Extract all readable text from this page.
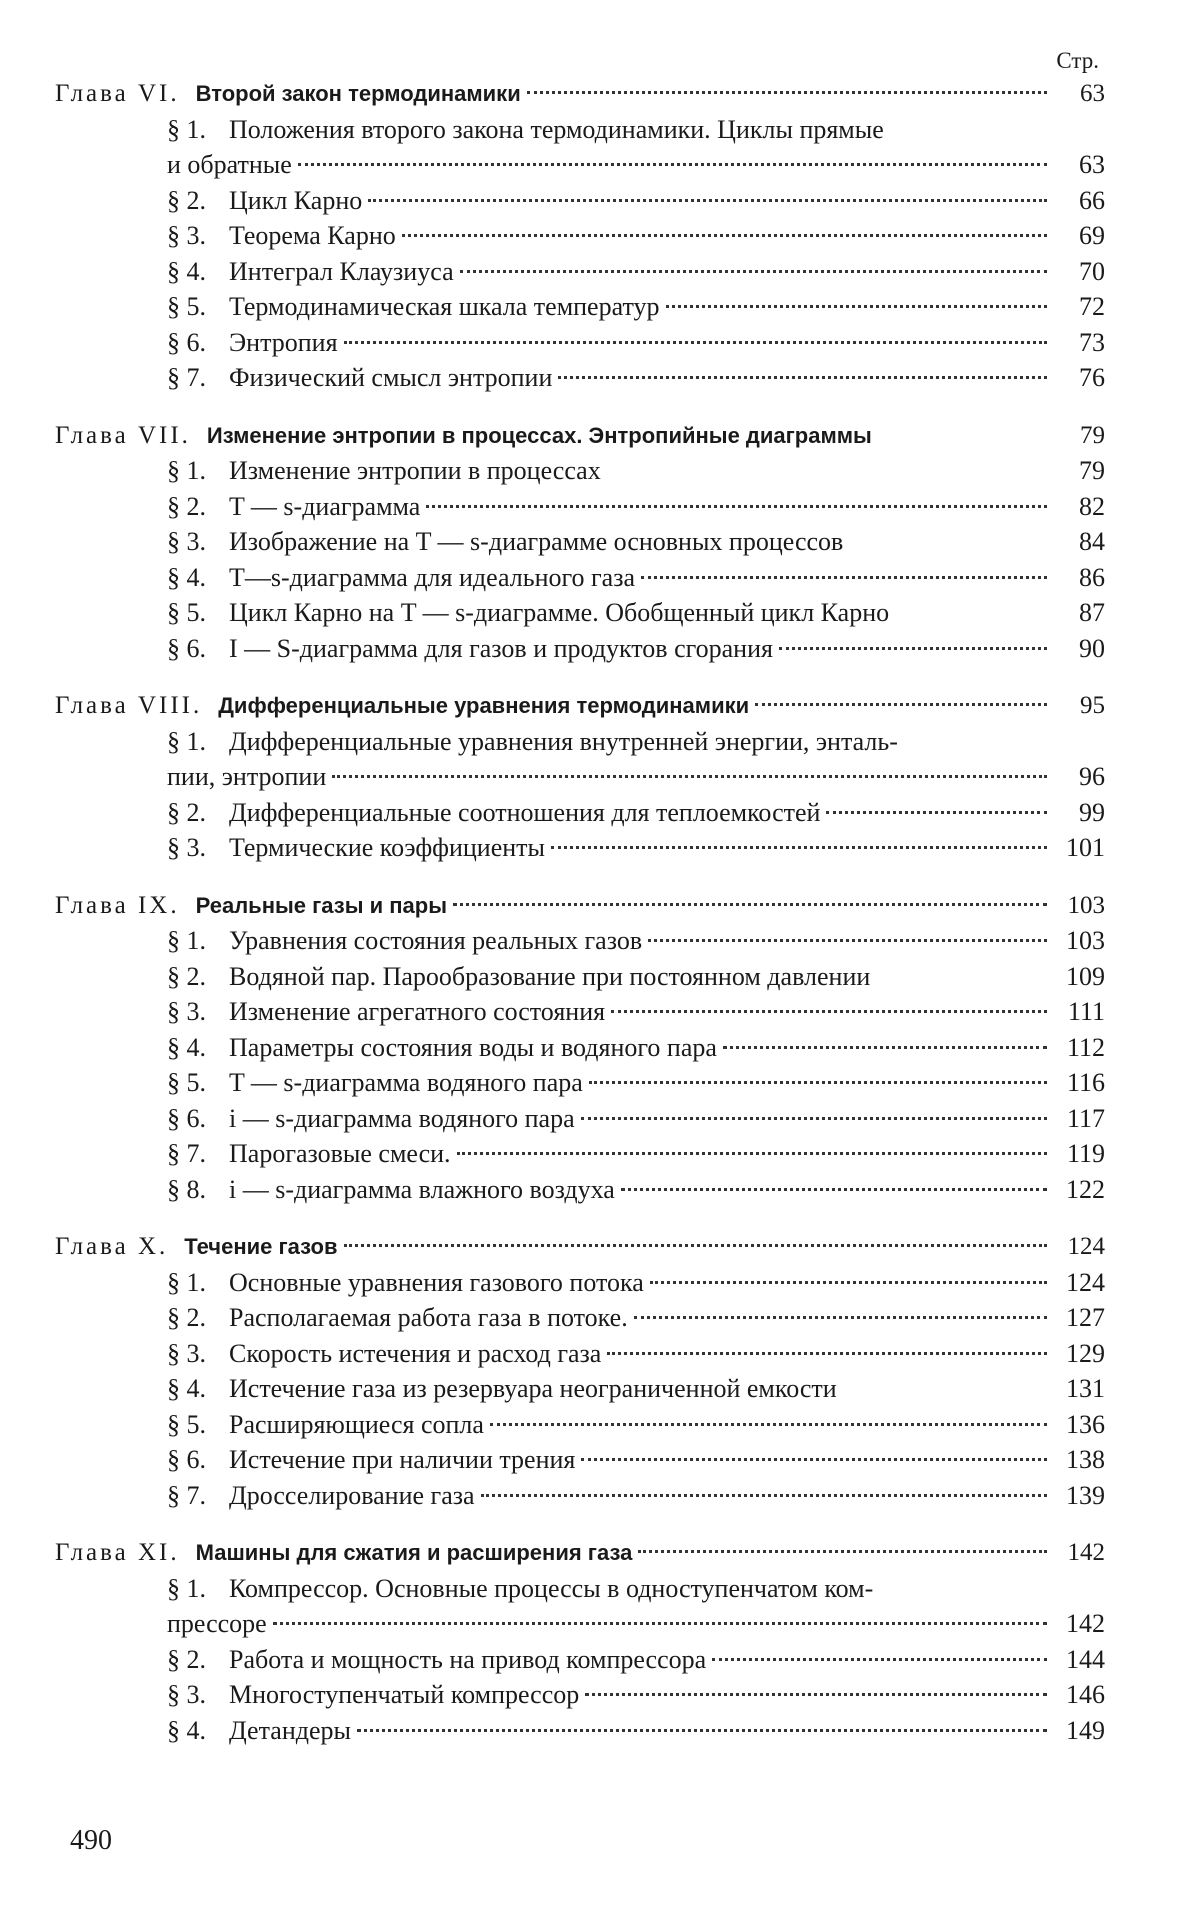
Стр.
Глава VI. Второй закон термодинамики	63
§ 1. Положения второго закона термодинамики. Циклы прямые
и обратные	63
§ 2. Цикл Карно	66
§ 3. Теорема Карно	69
§ 4. Интеграл Клаузиуса	70
§ 5. Термодинамическая шкала температур	72
§ 6. Энтропия	73
§ 7. Физический смысл энтропии	76
Глава VII. Изменение энтропии в процессах. Энтропийные диаграммы	79
§ 1. Изменение энтропии в процессах	79
§ 2. T — s-диаграмма	82
§ 3. Изображение на T — s-диаграмме основных процессов	84
§ 4. T—s-диаграмма для идеального газа	86
§ 5. Цикл Карно на T — s-диаграмме. Обобщенный цикл Карно	87
§ 6. I — S-диаграмма для газов и продуктов сгорания	90
Глава VIII. Дифференциальные уравнения термодинамики	95
§ 1. Дифференциальные уравнения внутренней энергии, энталь-
пии, энтропии	96
§ 2. Дифференциальные соотношения для теплоемкостей	99
§ 3. Термические коэффициенты	101
Глава IX. Реальные газы и пары	103
§ 1. Уравнения состояния реальных газов	103
§ 2. Водяной пар. Парообразование при постоянном давлении	109
§ 3. Изменение агрегатного состояния	111
§ 4. Параметры состояния воды и водяного пара	112
§ 5. T — s-диаграмма водяного пара	116
§ 6. i — s-диаграмма водяного пара	117
§ 7. Парогазовые смеси.	119
§ 8. i — s-диаграмма влажного воздуха	122
Глава X. Течение газов	124
§ 1. Основные уравнения газового потока	124
§ 2. Располагаемая работа газа в потоке.	127
§ 3. Скорость истечения и расход газа	129
§ 4. Истечение газа из резервуара неограниченной емкости	131
§ 5. Расширяющиеся сопла	136
§ 6. Истечение при наличии трения	138
§ 7. Дросселирование газа	139
Глава XI. Машины для сжатия и расширения газа	142
§ 1. Компрессор. Основные процессы в одноступенчатом ком-
прессоре	142
§ 2. Работа и мощность на привод компрессора	144
§ 3. Многоступенчатый компрессор	146
§ 4. Детандеры	149
490
